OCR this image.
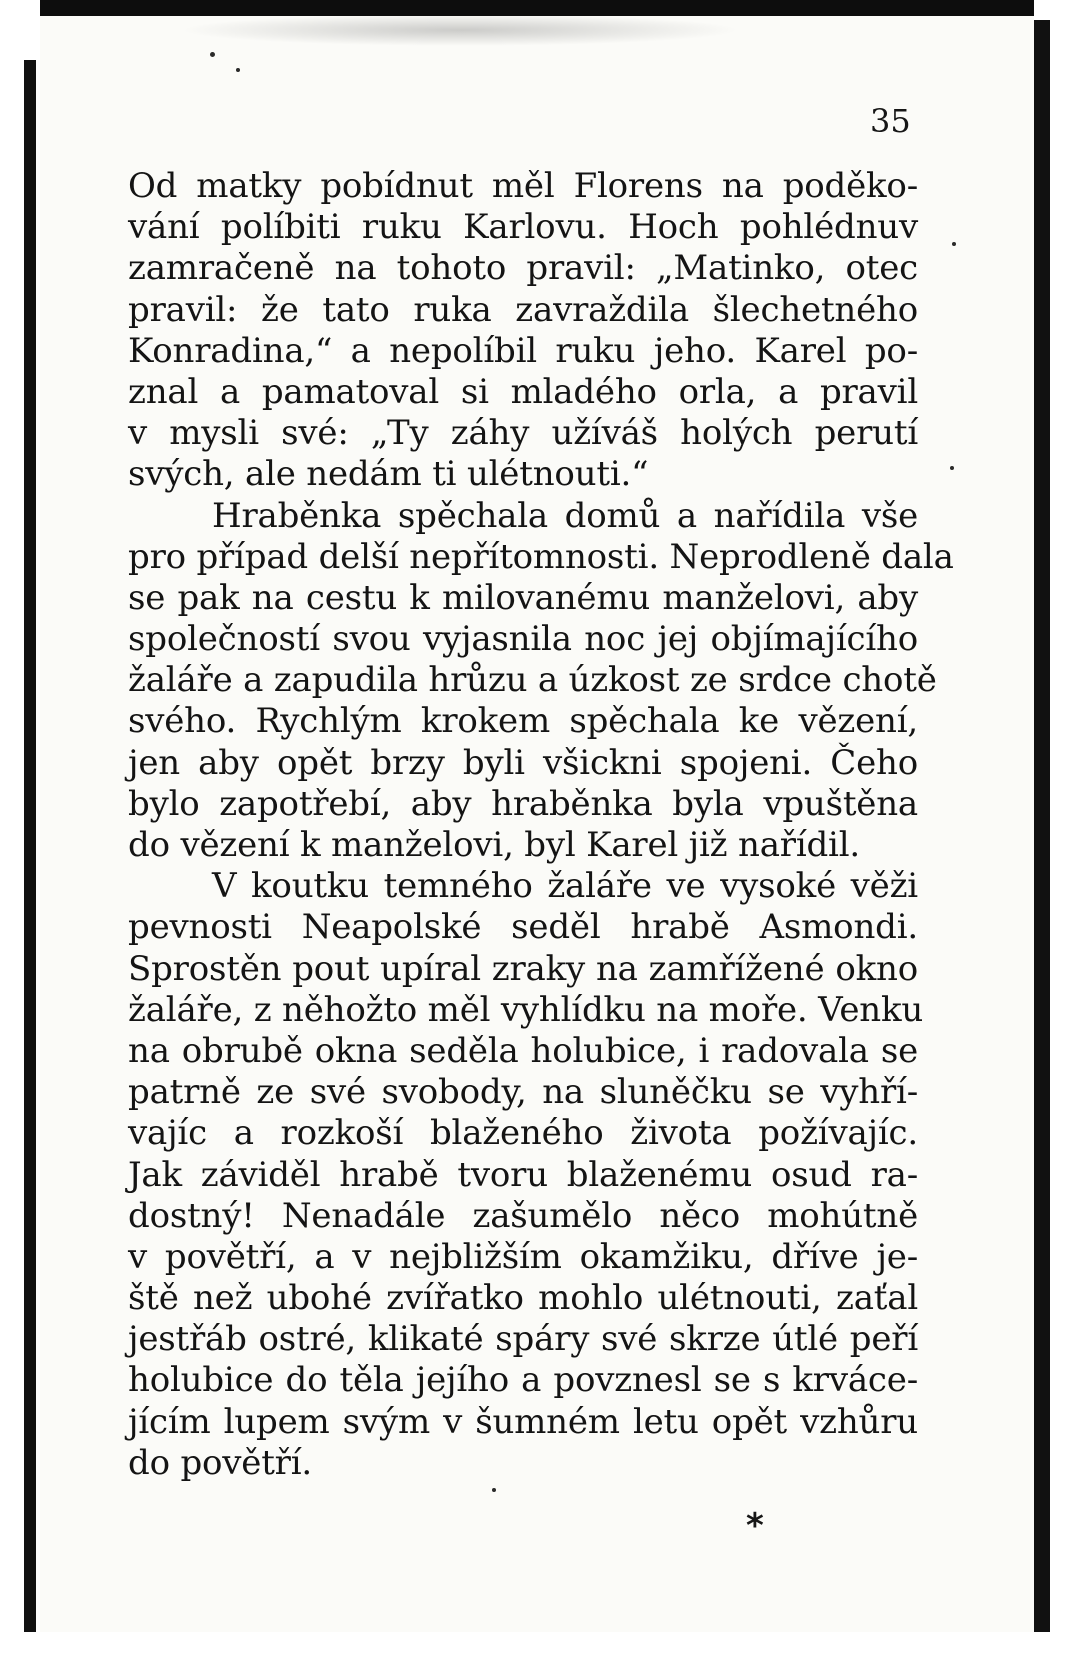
35

Od matky pobídnut měl Florens na poděko-
vání políbiti ruku Karlovu. Hoch pohlédnuv
zamračeně na tohoto pravil: „Matinko, otec
pravil: že tato ruka zavraždila šlechetného
Konradina,“ a nepolíbil ruku jeho. Karel po-
znal a pamatoval si mladého orla, a pravil
v mysli své: „Ty záhy užíváš holých perutí
svých, ale nedám ti ulétnouti.“
Hraběnka spěchala domů a nařídila vše
pro případ delší nepřítomnosti. Neprodleně dala
se pak na cestu k milovanému manželovi, aby
společností svou vyjasnila noc jej objímajícího
žaláře a zapudila hrůzu a úzkost ze srdce chotě
svého. Rychlým krokem spěchala ke vězení,
jen aby opět brzy byli všickni spojeni. Čeho
bylo zapotřebí, aby hraběnka byla vpuštěna
do vězení k manželovi, byl Karel již nařídil.
V koutku temného žaláře ve vysoké věži
pevnosti Neapolské seděl hrabě Asmondi.
Sprostěn pout upíral zraky na zamřížené okno
žaláře, z něhožto měl vyhlídku na moře. Venku
na obrubě okna seděla holubice, i radovala se
patrně ze své svobody, na sluněčku se vyhří-
vajíc a rozkoší blaženého života požívajíc.
Jak záviděl hrabě tvoru blaženému osud ra-
dostný! Nenadále zašumělo něco mohútně
v povětří, a v nejbližším okamžiku, dříve je-
ště než ubohé zvířatko mohlo ulétnouti, zaťal
jestřáb ostré, klikaté spáry své skrze útlé peří
holubice do těla jejího a povznesl se s krváce-
jícím lupem svým v šumném letu opět vzhůru
do povětří.
*
